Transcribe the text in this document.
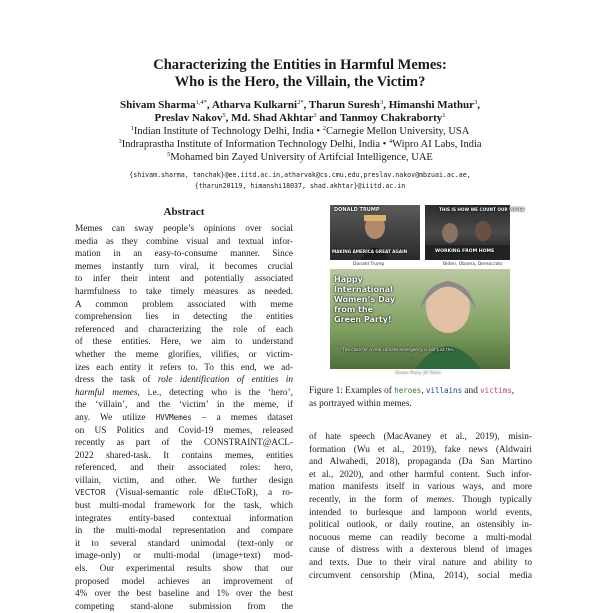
Characterizing the Entities in Harmful Memes:
Who is the Hero, the Villain, the Victim?
Shivam Sharma$^{1,4*}$, Atharva Kulkarni$^{2*}$, Tharun Suresh$^3$, Himanshi Mathur$^3$,
Preslav Nakov$^5$, Md. Shad Akhtar$^3$ and Tanmoy Chakraborty$^1$
$^1$Indian Institute of Technology Delhi, India • $^2$Carnegie Mellon University, USA
$^3$Indraprastha Institute of Information Technology Delhi, India • $^4$Wipro AI Labs, India
$^5$Mohamed bin Zayed University of Artifcial Intelligence, UAE
{shivam.sharma, tanchak}@ee.iitd.ac.in,atharvak@cs.cmu.edu,preslav.nakov@mbzuai.ac.ae,
{tharun20119, himanshi18037, shad.akhtar}@iiitd.ac.in
Abstract
Memes can sway people’s opinions over social
media as they combine visual and textual infor-
mation in an easy-to-consume manner. Since
memes instantly turn viral, it becomes crucial
to infer their intent and potentially associated
harmfulness to take timely measures as needed.
A common problem associated with meme
comprehension lies in detecting the entities
referenced and characterizing the role of each
of these entities. Here, we aim to understand
whether the meme glorifies, vilifies, or victim-
izes each entity it refers to. To this end, we ad-
dress the task of role identification of entities in
harmful memes, i.e., detecting who is the ‘hero’,
the ‘villain’, and the ‘victim’ in the meme, if
any. We utilize HVVMemes – a memes dataset
on US Politics and Covid-19 memes, released
recently as part of the CONSTRAINT@ACL-
2022 shared-task. It contains memes, entities
referenced, and their associated roles: hero,
villain, victim, and other. We further design
VECTOR (Visual-semantic role dEteCToR), a ro-
bust multi-modal framework for the task, which
integrates entity-based contextual information
in the multi-modal representation and compare
it to several standard unimodal (text-only or
image-only) or multi-modal (image+text) mod-
els. Our experimental results show that our
proposed model achieves an improvement of
4% over the best baseline and 1% over the best
competing stand-alone submission from the
DONALD TRUMP
MAKING AMERICA GREAT AGAIN
Donald Trump
THIS IS HOW WE COUNT OUR VOTES
WORKING FROM HOME
Biden, Obama, Democrats
Happy
International
Women’s Day
from the
Green Party!
“The case for a real climate emergency is not just the...”
Green Party Jill Stein
Figure 1: Examples of heroes, villains and victims,
as portrayed within memes.
of hate speech (MacAvaney et al., 2019), misin-
formation (Wu et al., 2019), fake news (Aldwairi
and Alwahedi, 2018), propaganda (Da San Martino
et al., 2020), and other harmful content. Such infor-
mation manifests itself in various ways, and more
recently, in the form of memes. Though typically
intended to burlesque and lampoon world events,
political outlook, or daily routine, an ostensibly in-
nocuous meme can readily become a multi-modal
cause of distress with a dexterous blend of images
and texts. Due to their viral nature and ability to
circumvent censorship (Mina, 2014), social media
